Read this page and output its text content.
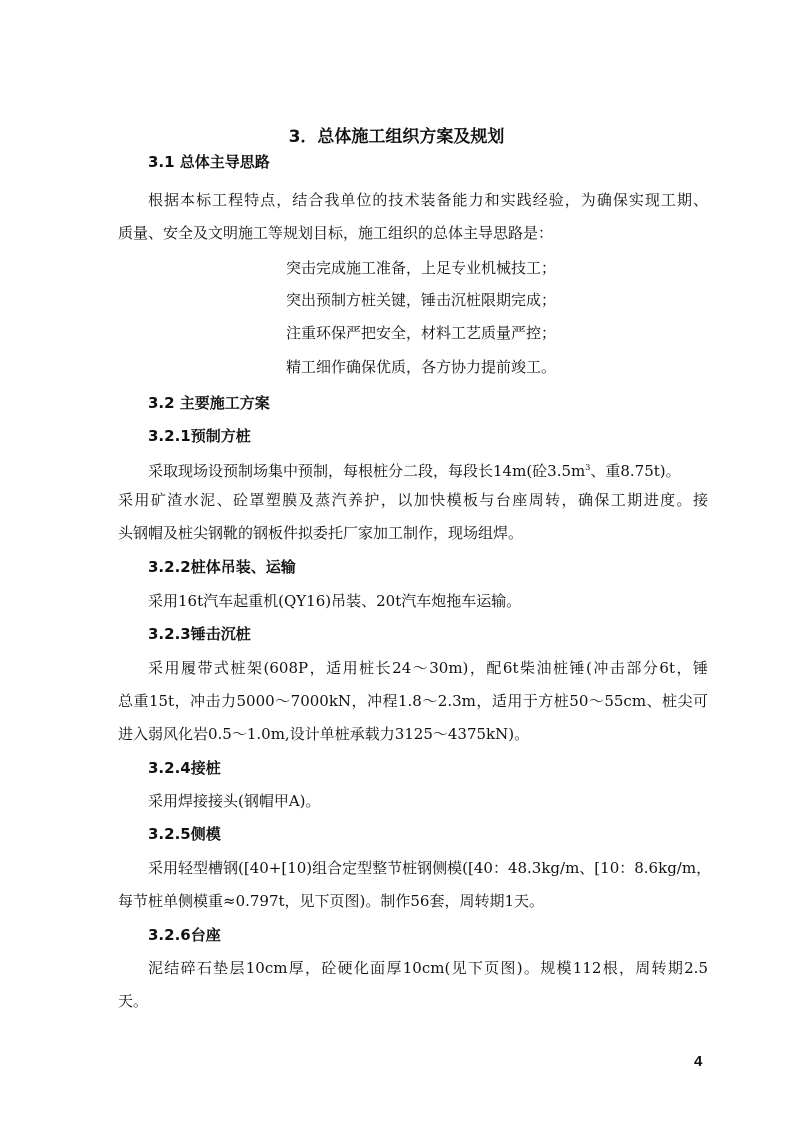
3．总体施工组织方案及规划
3.1 总体主导思路
根据本标工程特点，结合我单位的技术装备能力和实践经验，为确保实现工期、
质量、安全及文明施工等规划目标，施工组织的总体主导思路是：
突击完成施工准备，上足专业机械技工；
突出预制方桩关键，锤击沉桩限期完成；
注重环保严把安全，材料工艺质量严控；
精工细作确保优质，各方协力提前竣工。
3.2 主要施工方案
3.2.1预制方桩
采取现场设预制场集中预制，每根桩分二段，每段长14m(砼$3.5m^3$、重8.75t)。
采用矿渣水泥、砼罩塑膜及蒸汽养护，以加快模板与台座周转，确保工期进度。接
头钢帽及桩尖钢靴的钢板件拟委托厂家加工制作，现场组焊。
3.2.2桩体吊装、运输
采用16t汽车起重机(QY16)吊装、20t汽车炮拖车运输。
3.2.3锤击沉桩
采用履带式桩架(608P，适用桩长24～30m)，配6t柴油桩锤(冲击部分6t，锤
总重15t，冲击力5000～7000kN，冲程1.8～2.3m，适用于方桩50～55cm、桩尖可
进入弱风化岩0.5～1.0m,设计单桩承载力3125～4375kN)。
3.2.4接桩
采用焊接接头(钢帽甲A)。
3.2.5侧模
采用轻型槽钢([40+[10)组合定型整节桩钢侧模([40：48.3kg/m、[10：8.6kg/m，
每节桩单侧模重≈0.797t，见下页图)。制作56套，周转期1天。
3.2.6台座
泥结碎石垫层10cm厚，砼硬化面厚10cm(见下页图)。规模112根，周转期2.5
天。
4
